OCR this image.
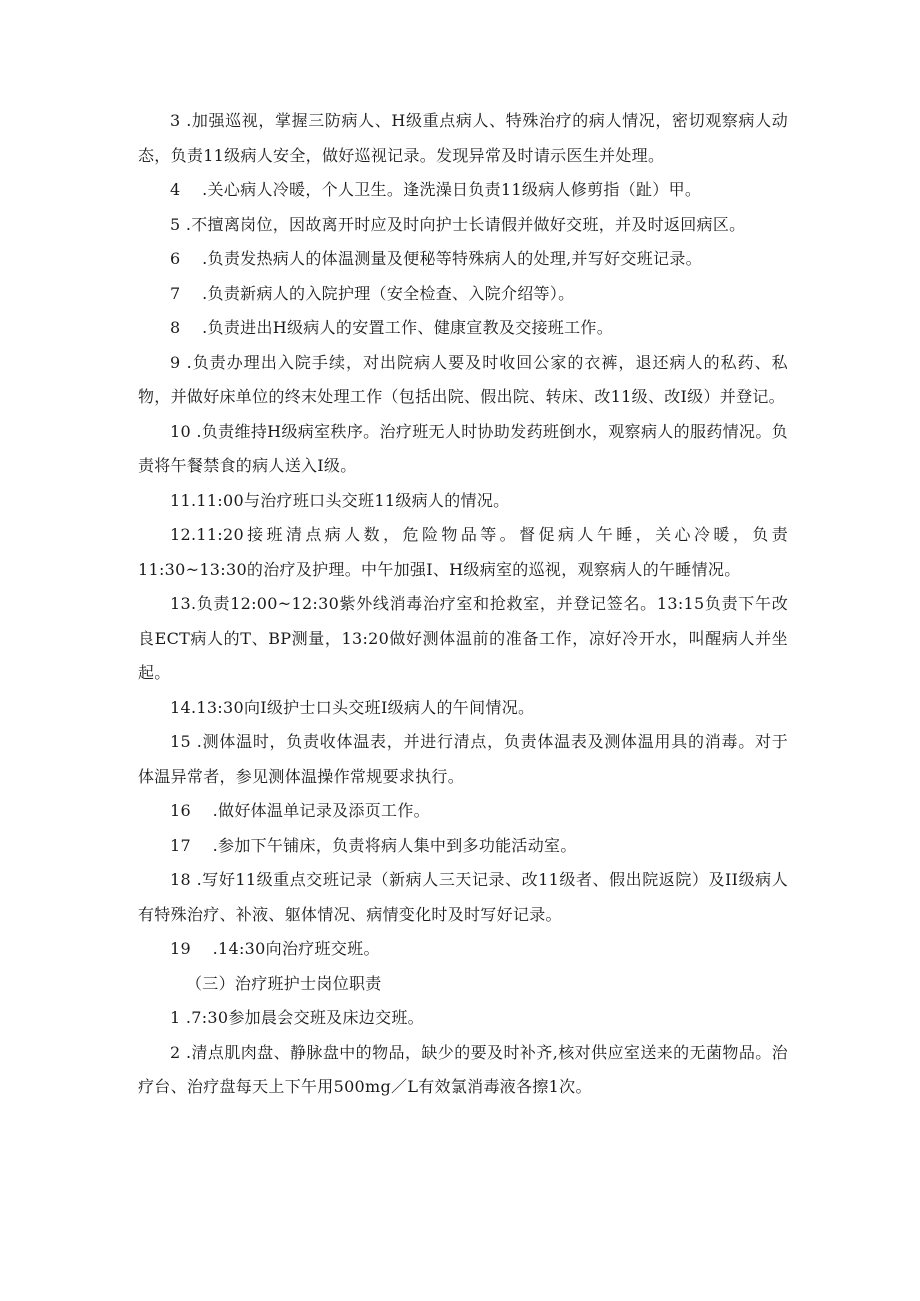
3 .加强巡视，掌握三防病人、H级重点病人、特殊治疗的病人情况，密切观察病人动态，负责11级病人安全，做好巡视记录。发现异常及时请示医生并处理。

4　 .关心病人冷暖，个人卫生。逢洗澡日负责11级病人修剪指（趾）甲。

5 .不擅离岗位，因故离开时应及时向护士长请假并做好交班，并及时返回病区。

6　 .负责发热病人的体温测量及便秘等特殊病人的处理,并写好交班记录。

7　 .负责新病人的入院护理（安全检查、入院介绍等）。

8　 .负责进出H级病人的安置工作、健康宣教及交接班工作。

9 .负责办理出入院手续，对出院病人要及时收回公家的衣裤，退还病人的私药、私物，并做好床单位的终末处理工作（包括出院、假出院、转床、改11级、改Ⅰ级）并登记。

10 .负责维持H级病室秩序。治疗班无人时协助发药班倒水，观察病人的服药情况。负责将午餐禁食的病人送入Ⅰ级。

11.11:00与治疗班口头交班11级病人的情况。

12.11:20接班清点病人数，危险物品等。督促病人午睡，关心冷暖，负责11:30~13:30的治疗及护理。中午加强Ⅰ、H级病室的巡视，观察病人的午睡情况。

13.负责12:00~12:30紫外线消毒治疗室和抢救室，并登记签名。13:15负责下午改良ECT病人的T、BP测量，13:20做好测体温前的准备工作，凉好冷开水，叫醒病人并坐起。

14.13:30向Ⅰ级护士口头交班Ⅰ级病人的午间情况。

15 .测体温时，负责收体温表，并进行清点，负责体温表及测体温用具的消毒。对于体温异常者，参见测体温操作常规要求执行。

16　 .做好体温单记录及添页工作。

17　 .参加下午铺床，负责将病人集中到多功能活动室。

18 .写好11级重点交班记录（新病人三天记录、改11级者、假出院返院）及II级病人有特殊治疗、补液、躯体情况、病情变化时及时写好记录。

19　 .14:30向治疗班交班。

（三）治疗班护士岗位职责

1 .7:30参加晨会交班及床边交班。

2 .清点肌肉盘、静脉盘中的物品，缺少的要及时补齐,核对供应室送来的无菌物品。治疗台、治疗盘每天上下午用500mg／L有效氯消毒液各擦1次。
